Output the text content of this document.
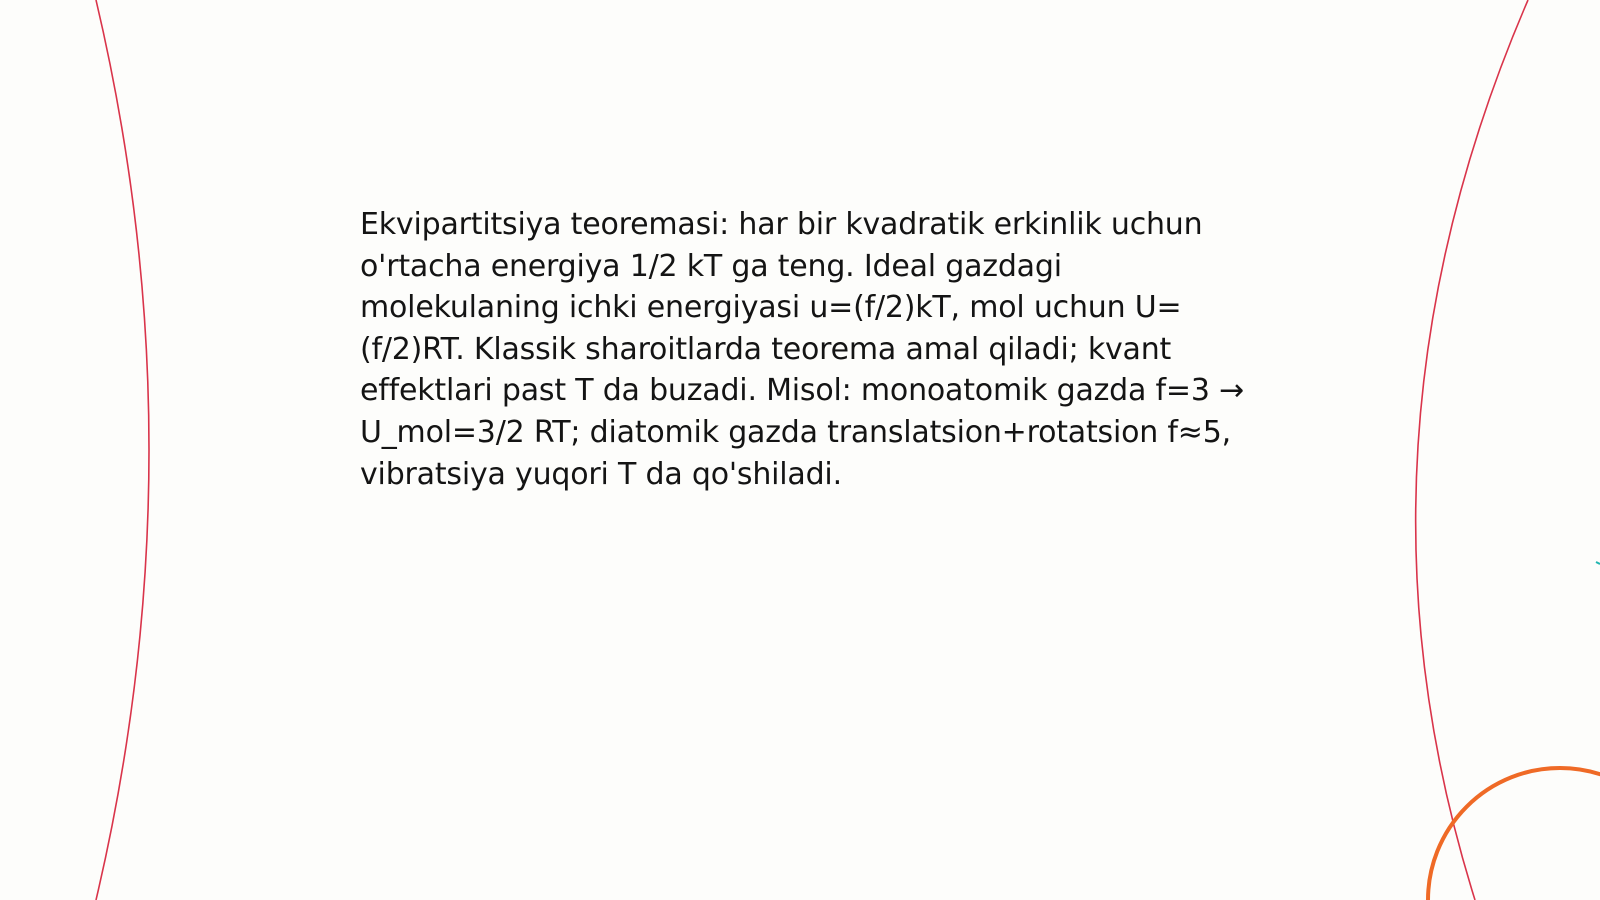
Ekvipartitsiya teoremasi: har bir kvadratik erkinlik uchun o'rtacha energiya 1/2 kT ga teng. Ideal gazdagi molekulaning ichki energiyasi u=(f/2)kT, mol uchun U=(f/2)RT. Klassik sharoitlarda teorema amal qiladi; kvant effektlari past T da buzadi. Misol: monoatomik gazda f=3 → U_mol=3/2 RT; diatomik gazda translatsion+rotatsion f≈5, vibratsiya yuqori T da qo'shiladi.
